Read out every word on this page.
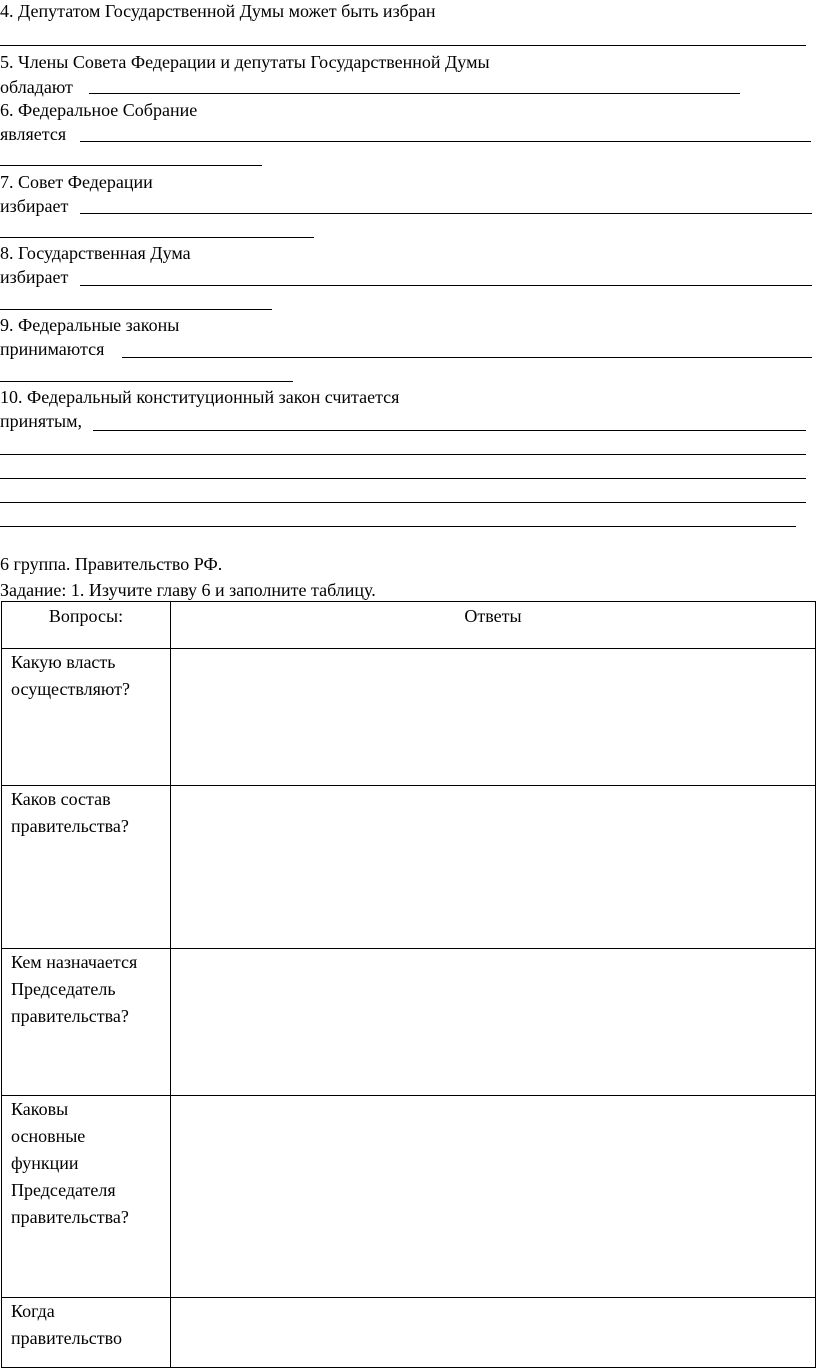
4. Депутатом Государственной Думы может быть избран
5. Члены Совета Федерации и депутаты Государственной Думы
обладают
6. Федеральное Собрание
является
7. Совет Федерации
избирает
8. Государственная Дума
избирает
9. Федеральные законы
принимаются
10. Федеральный конституционный закон считается
принятым,
6 группа. Правительство РФ.
Задание: 1. Изучите главу 6 и заполните таблицу.
Вопросы:	Ответы

Какую власть
осуществляют?	

Каков состав
правительства?	

Кем назначается
Председатель
правительства?	

Каковы
основные
функции
Председателя
правительства?	

Когда
правительство	
